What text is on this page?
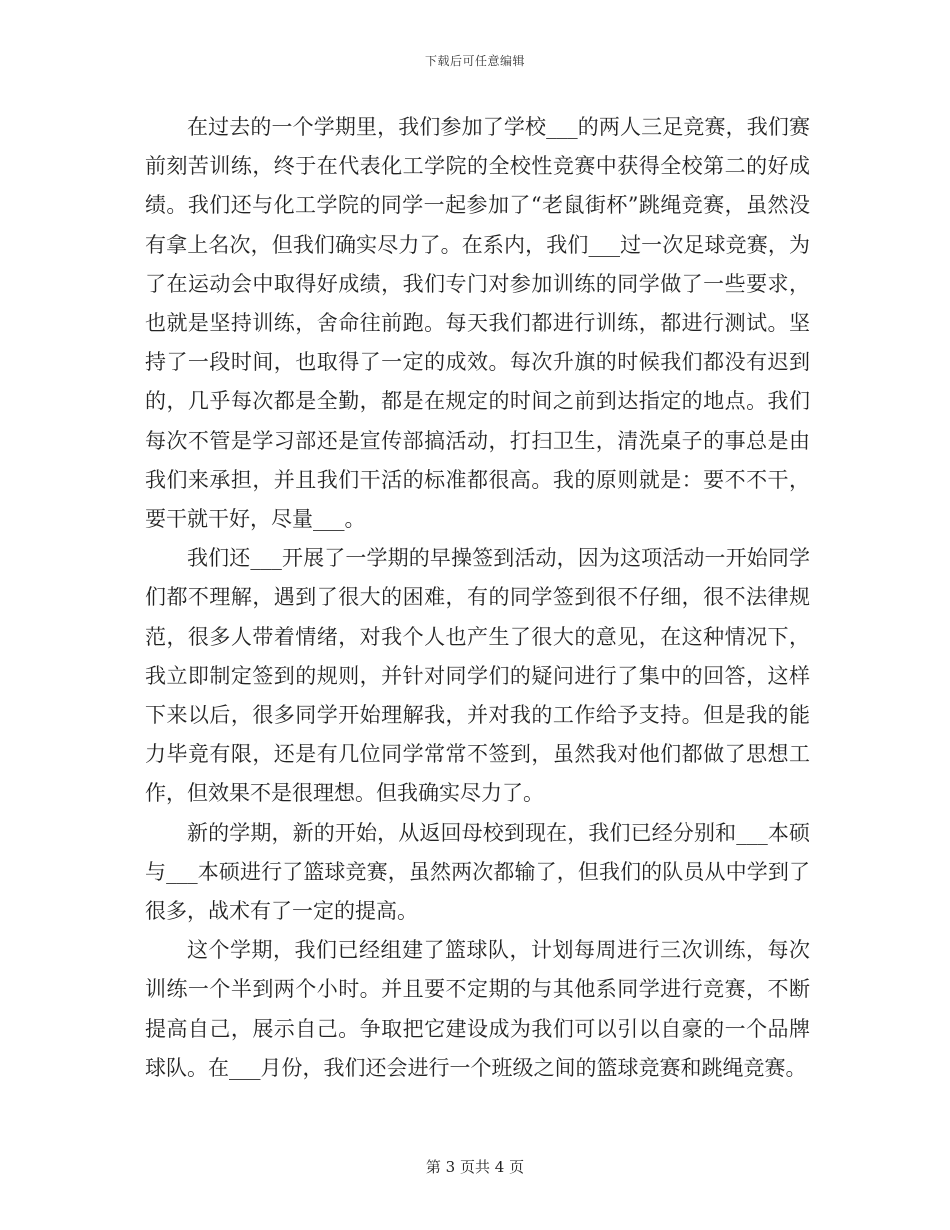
下载后可任意编辑

在过去的一个学期里，我们参加了学校___的两人三足竞赛，我们赛前刻苦训练，终于在代表化工学院的全校性竞赛中获得全校第二的好成绩。我们还与化工学院的同学一起参加了“老鼠街杯”跳绳竞赛，虽然没有拿上名次，但我们确实尽力了。在系内，我们___过一次足球竞赛，为了在运动会中取得好成绩，我们专门对参加训练的同学做了一些要求，也就是坚持训练，舍命往前跑。每天我们都进行训练，都进行测试。坚持了一段时间，也取得了一定的成效。每次升旗的时候我们都没有迟到的，几乎每次都是全勤，都是在规定的时间之前到达指定的地点。我们每次不管是学习部还是宣传部搞活动，打扫卫生，清洗桌子的事总是由我们来承担，并且我们干活的标准都很高。我的原则就是：要不不干，要干就干好，尽量___。

我们还___开展了一学期的早操签到活动，因为这项活动一开始同学们都不理解，遇到了很大的困难，有的同学签到很不仔细，很不法律规范，很多人带着情绪，对我个人也产生了很大的意见，在这种情况下，我立即制定签到的规则，并针对同学们的疑问进行了集中的回答，这样下来以后，很多同学开始理解我，并对我的工作给予支持。但是我的能力毕竟有限，还是有几位同学常常不签到，虽然我对他们都做了思想工作，但效果不是很理想。但我确实尽力了。

新的学期，新的开始，从返回母校到现在，我们已经分别和___本硕与___本硕进行了篮球竞赛，虽然两次都输了，但我们的队员从中学到了很多，战术有了一定的提高。

这个学期，我们已经组建了篮球队，计划每周进行三次训练，每次训练一个半到两个小时。并且要不定期的与其他系同学进行竞赛，不断提高自己，展示自己。争取把它建设成为我们可以引以自豪的一个品牌球队。在___月份，我们还会进行一个班级之间的篮球竞赛和跳绳竞赛。

第 3 页共 4 页
